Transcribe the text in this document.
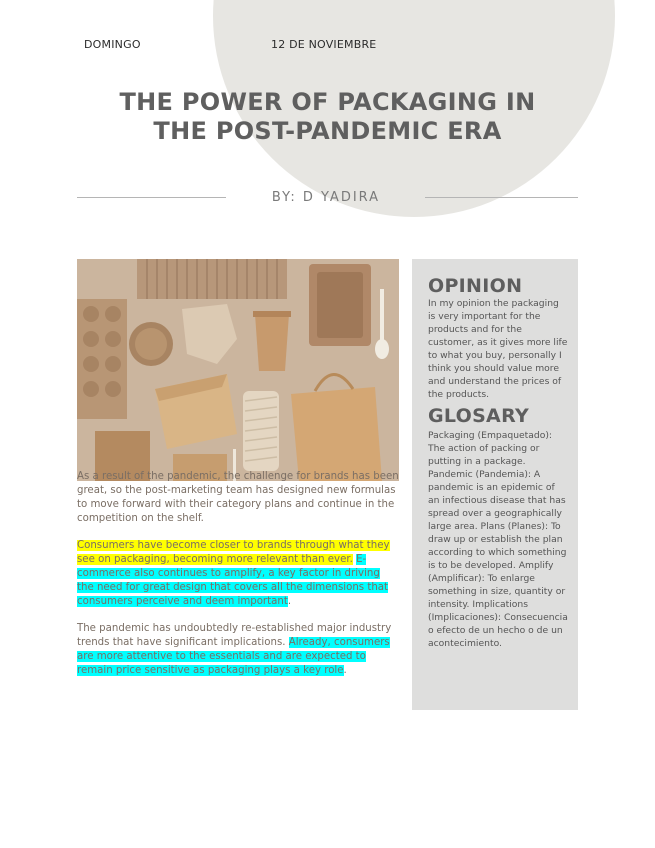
DOMINGO	12 DE NOVIEMBRE
THE POWER OF PACKAGING IN
THE POST-PANDEMIC ERA
BY: D YADIRA

As a result of the pandemic, the challenge for brands has been great, so the post-marketing team has designed new formulas to move forward with their category plans and continue in the competition on the shelf.

Consumers have become closer to brands through what they see on packaging, becoming more relevant than ever. E-commerce also continues to amplify, a key factor in driving the need for great design that covers all the dimensions that consumers perceive and deem important.

The pandemic has undoubtedly re-established major industry trends that have significant implications. Already, consumers are more attentive to the essentials and are expected to remain price sensitive as packaging plays a key role.

OPINION

In my opinion the packaging is very important for the products and for the customer, as it gives more life to what you buy, personally I think you should value more and understand the prices of the products.

GLOSARY

Packaging (Empaquetado): The action of packing or putting in a package. Pandemic (Pandemia): A pandemic is an epidemic of an infectious disease that has spread over a geographically large area. Plans (Planes): To draw up or establish the plan according to which something is to be developed. Amplify (Amplificar): To enlarge something in size, quantity or intensity. Implications (Implicaciones): Consecuencia o efecto de un hecho o de un acontecimiento.
